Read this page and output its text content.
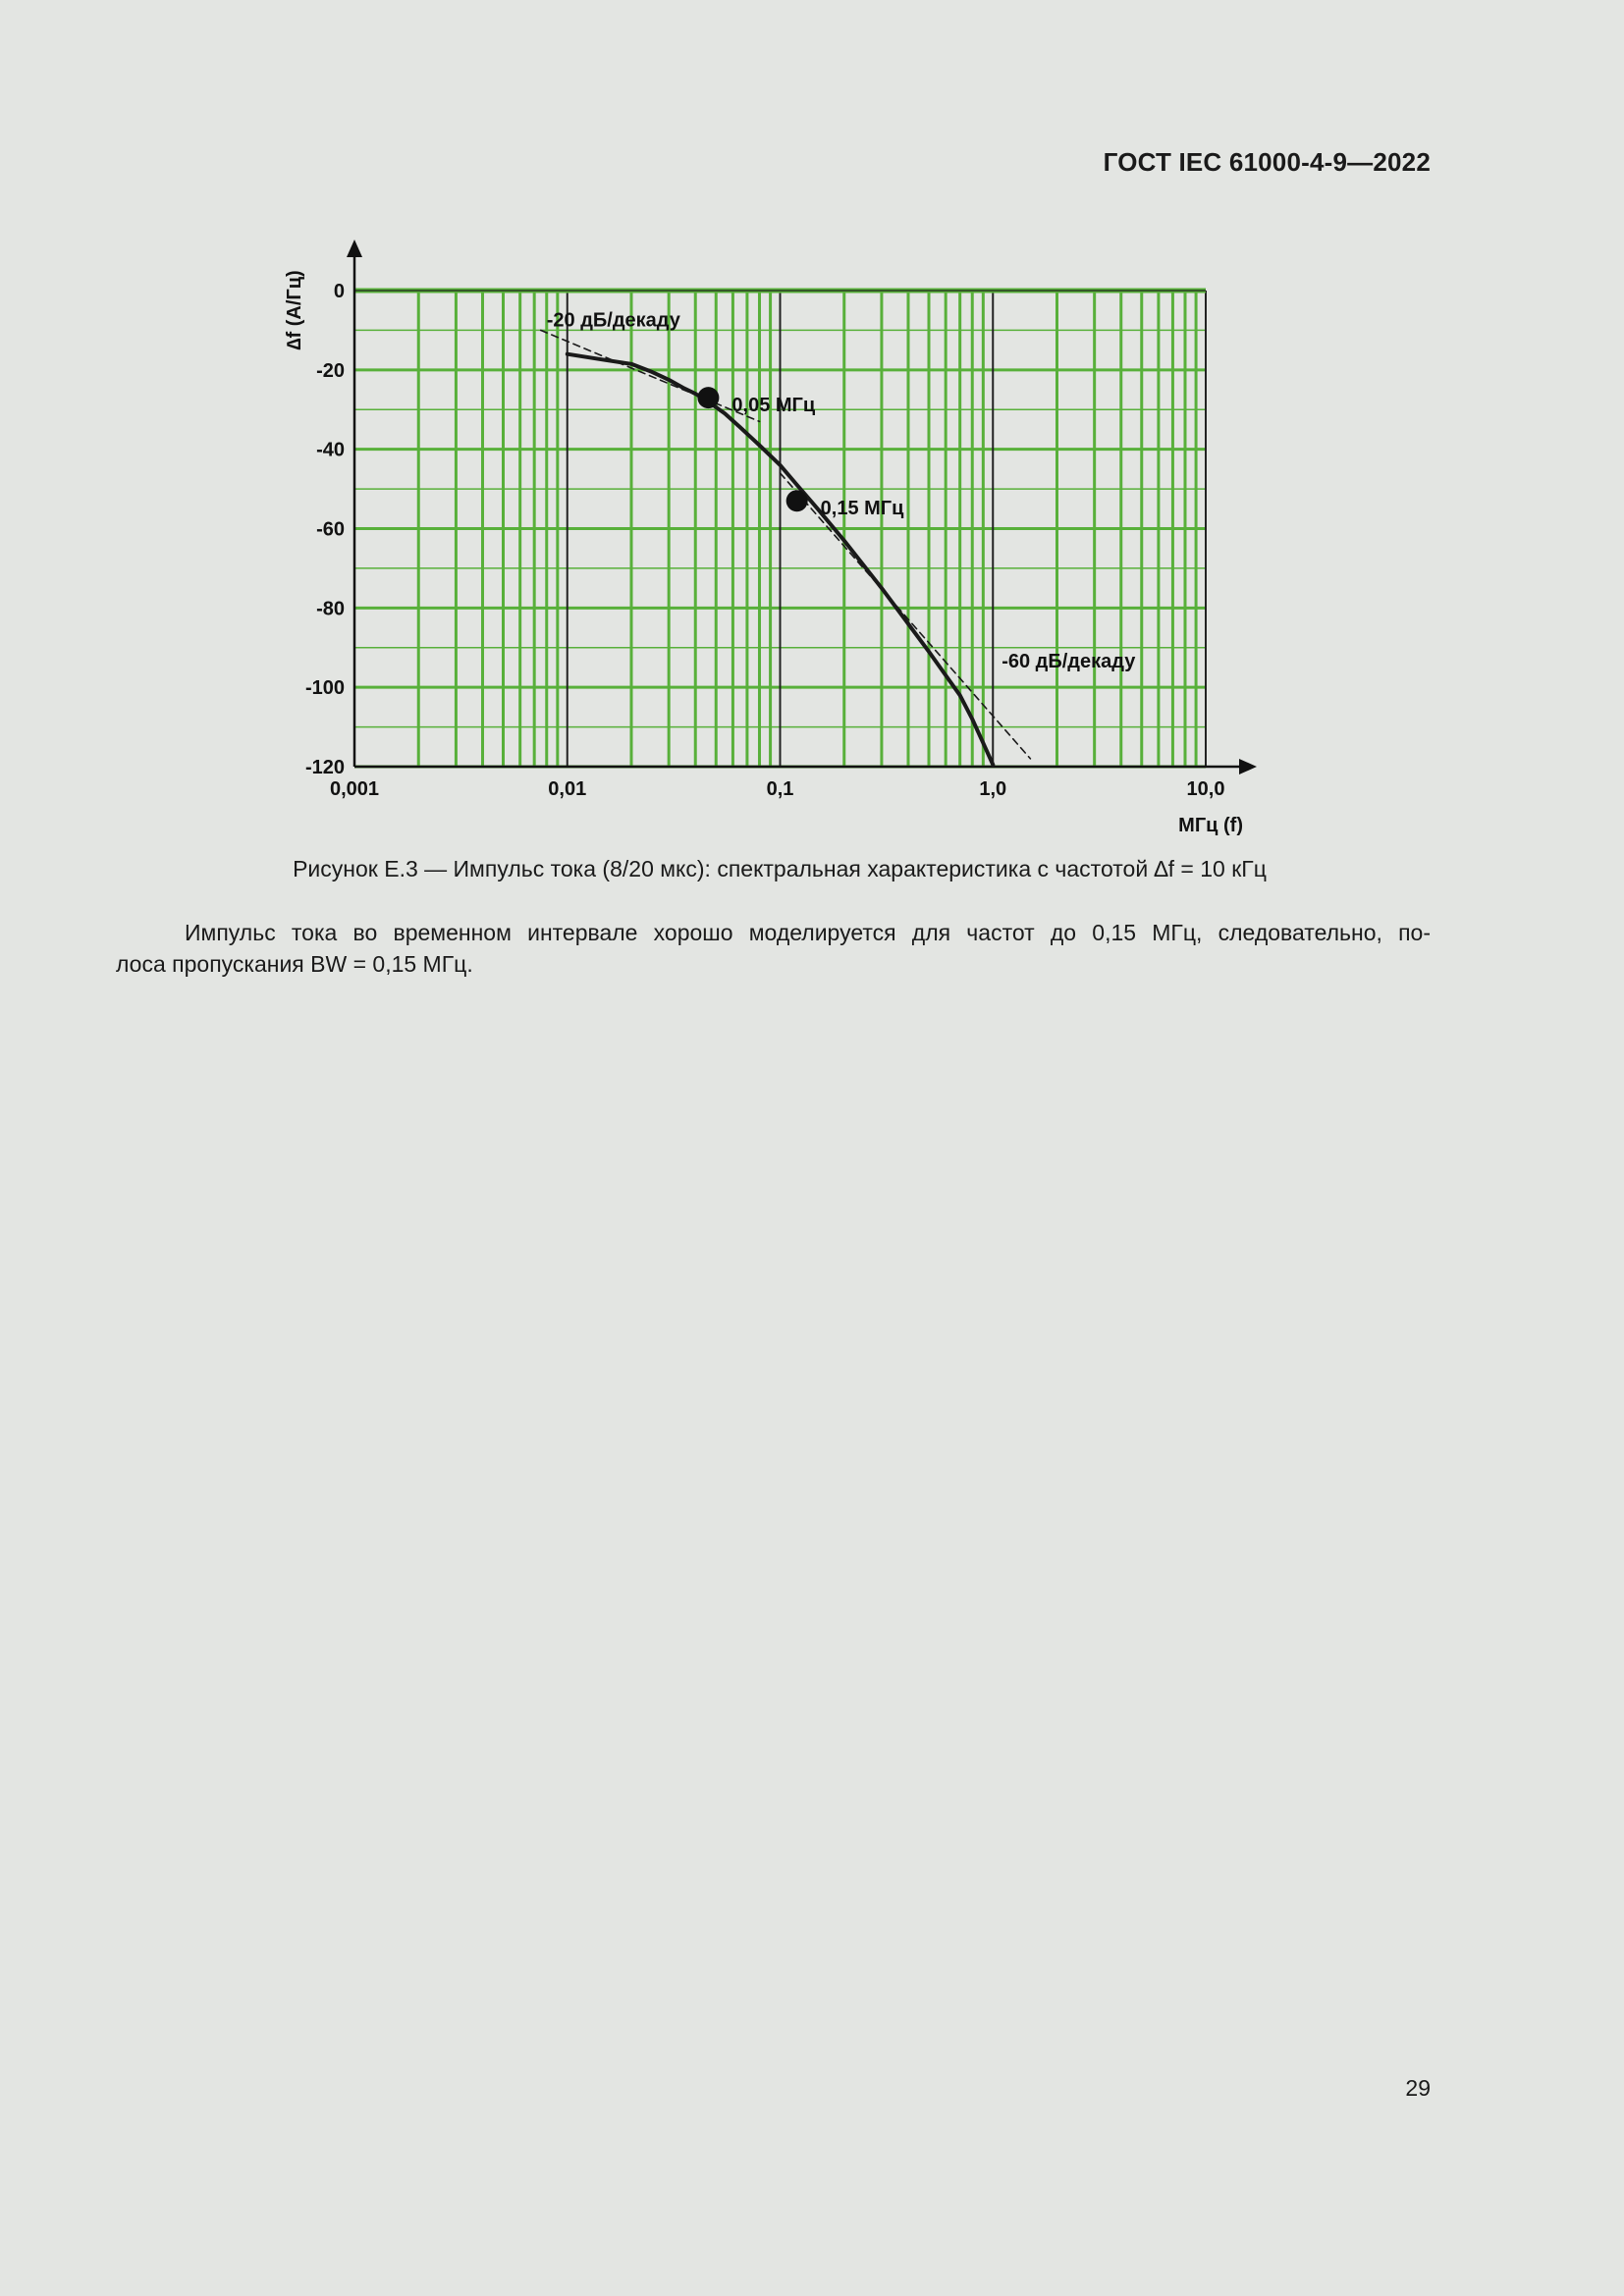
ГОСТ IEC 61000-4-9—2022
0
-20
-40
-60
-80
-100
-120
0,001	0,01	0,1	1,0	10,0
МГц (f)
∆f (А/Гц)
0,05 МГц
0,15 МГц
-20 дБ/декаду
-60 дБ/декаду
Рисунок Е.3 — Импульс тока (8/20 мкс): спектральная характеристика с частотой ∆f = 10 кГц

Импульс тока во временном интервале хорошо моделируется для частот до 0,15 МГц, следовательно, по-

лоса пропускания BW = 0,15 МГц.

29
